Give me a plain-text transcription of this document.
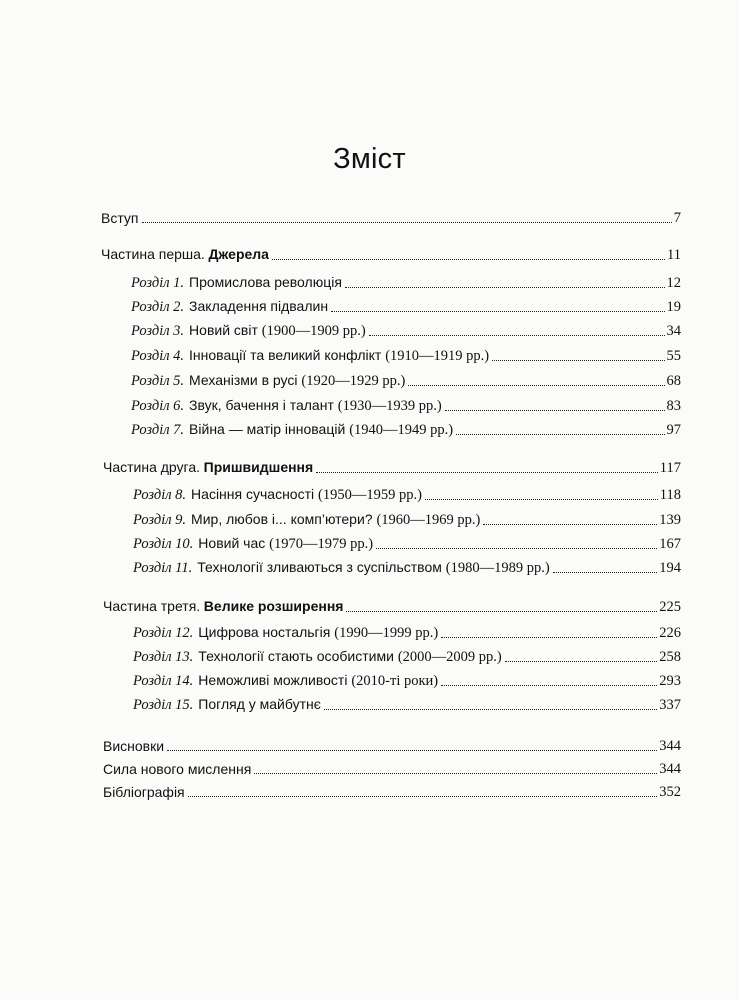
Зміст
Вступ	7
Частина перша. Джерела	11
Розділ 1. Промислова революція	12
Розділ 2. Закладення підвалин	19
Розділ 3. Новий світ (1900—1909 рр.)	34
Розділ 4. Інновації та великий конфлікт (1910—1919 рр.)	55
Розділ 5. Механізми в русі (1920—1929 рр.)	68
Розділ 6. Звук, бачення і талант (1930—1939 рр.)	83
Розділ 7. Війна — матір інновацій (1940—1949 рр.)	97
Частина друга. Пришвидшення	117
Розділ 8. Насіння сучасності (1950—1959 рр.)	118
Розділ 9. Мир, любов і... комп’ютери? (1960—1969 рр.)	139
Розділ 10. Новий час (1970—1979 рр.)	167
Розділ 11. Технології зливаються з суспільством (1980—1989 рр.)	194
Частина третя. Велике розширення	225
Розділ 12. Цифрова ностальгія (1990—1999 рр.)	226
Розділ 13. Технології стають особистими (2000—2009 рр.)	258
Розділ 14. Неможливі можливості (2010-ті роки)	293
Розділ 15. Погляд у майбутнє	337
Висновки	344
Сила нового мислення	344
Бібліографія	352
